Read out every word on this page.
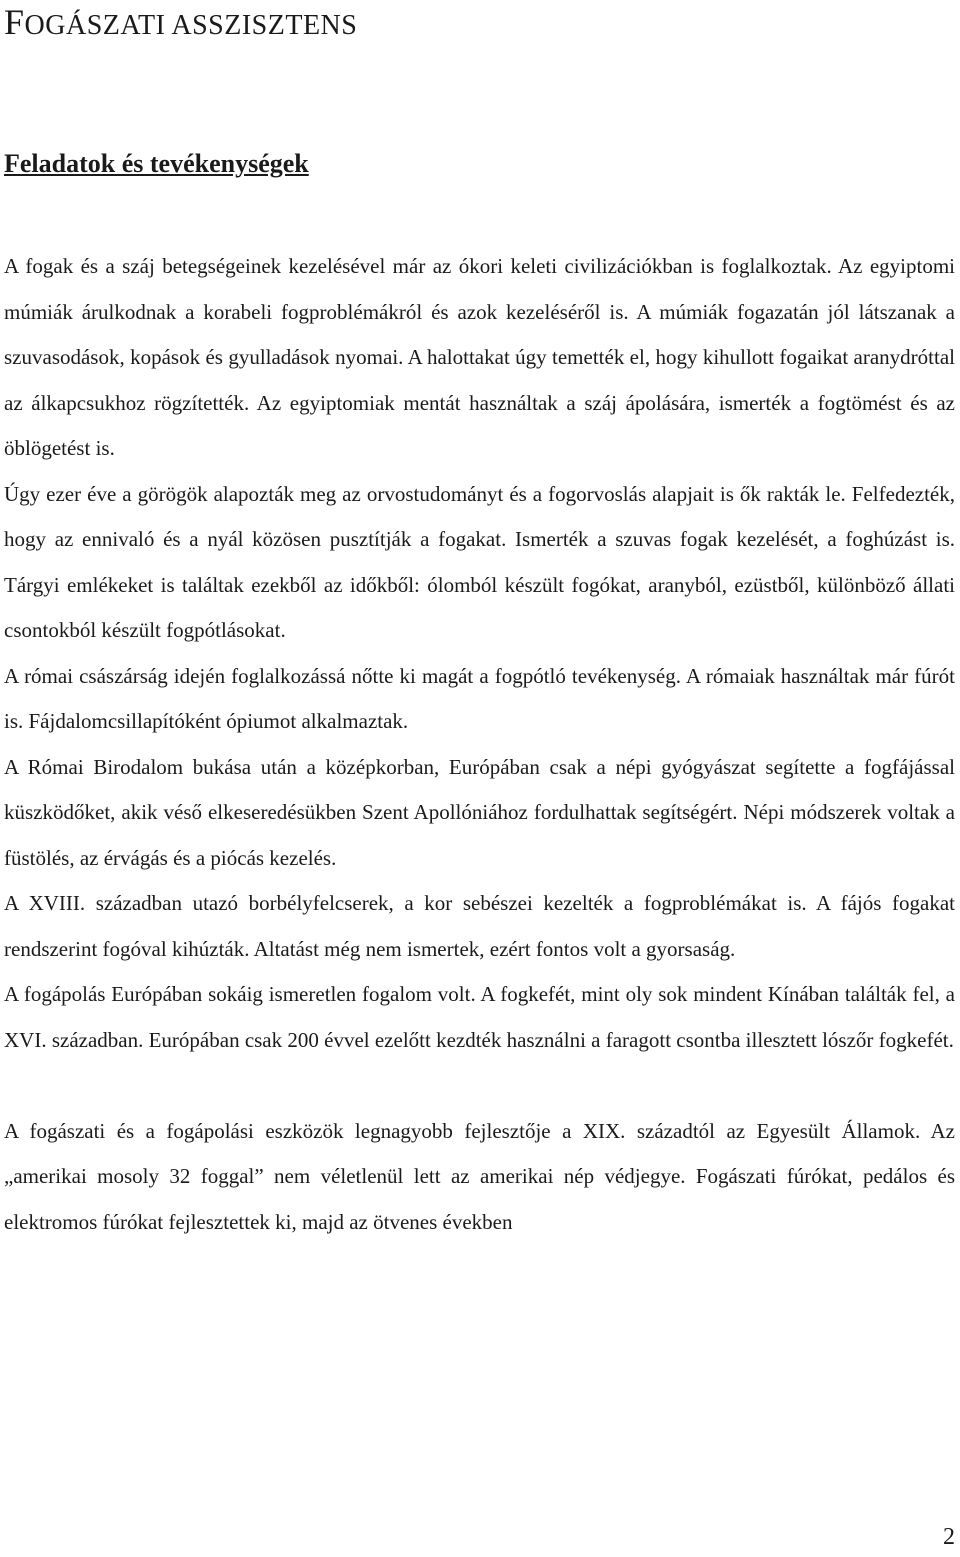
FOGÁSZATI ASSZISZTENS
Feladatok és tevékenységek

A fogak és a száj betegségeinek kezelésével már az ókori keleti civilizációkban is foglalkoztak. Az egyiptomi múmiák árulkodnak a korabeli fogproblémákról és azok kezeléséről is. A múmiák fogazatán jól látszanak a szuvasodások, kopások és gyulladások nyomai. A halottakat úgy temették el, hogy kihullott fogaikat aranydróttal az álkapcsukhoz rögzítették. Az egyiptomiak mentát használtak a száj ápolására, ismerték a fogtömést és az öblögetést is.

Úgy ezer éve a görögök alapozták meg az orvostudományt és a fogorvoslás alapjait is ők rakták le. Felfedezték, hogy az ennivaló és a nyál közösen pusztítják a fogakat. Ismerték a szuvas fogak kezelését, a foghúzást is. Tárgyi emlékeket is találtak ezekből az időkből: ólomból készült fogókat, aranyból, ezüstből, különböző állati csontokból készült fogpótlásokat.

A római császárság idején foglalkozássá nőtte ki magát a fogpótló tevékenység. A rómaiak használtak már fúrót is. Fájdalomcsillapítóként ópiumot alkalmaztak.

A Római Birodalom bukása után a középkorban, Európában csak a népi gyógyászat segítette a fogfájással küszködőket, akik véső elkeseredésükben Szent Apollóniához fordulhattak segítségért. Népi módszerek voltak a füstölés, az érvágás és a piócás kezelés.

A XVIII. században utazó borbélyfelcserek, a kor sebészei kezelték a fogproblémákat is. A fájós fogakat rendszerint fogóval kihúzták. Altatást még nem ismertek, ezért fontos volt a gyorsaság.

A fogápolás Európában sokáig ismeretlen fogalom volt. A fogkefét, mint oly sok mindent Kínában találták fel, a XVI. században. Európában csak 200 évvel ezelőtt kezdték használni a faragott csontba illesztett lószőr fogkefét.

A fogászati és a fogápolási eszközök legnagyobb fejlesztője a XIX. századtól az Egyesült Államok. Az „amerikai mosoly 32 foggal” nem véletlenül lett az amerikai nép védjegye. Fogászati fúrókat, pedálos és elektromos fúrókat fejlesztettek ki, majd az ötvenes években

2
